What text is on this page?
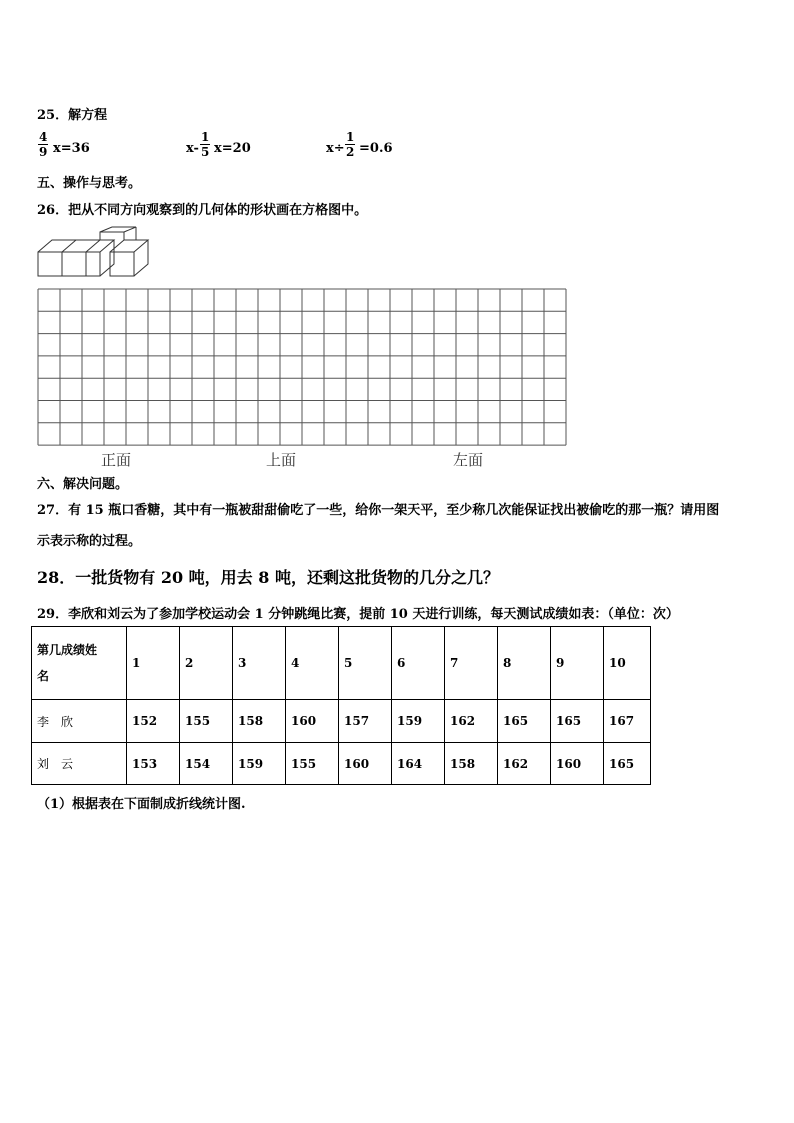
25．解方程
$\frac{4}{9} x=36$	$x- \frac{1}{5} x=20$	$x\div \frac{1}{2} =0.6$
五、操作与思考。
26．把从不同方向观察到的几何体的形状画在方格图中。
正面	上面	左面
六、解决问题。
27．有 15 瓶口香糖，其中有一瓶被甜甜偷吃了一些，给你一架天平，至少称几次能保证找出被偷吃的那一瓶？请用图
示表示称的过程。
28．一批货物有 20 吨，用去 8 吨，还剩这批货物的几分之几？
29．李欣和刘云为了参加学校运动会 1 分钟跳绳比赛，提前 10 天进行训练，每天测试成绩如表：（单位：次）
第几成绩姓
名	1	2	3	4	5	6	7	8	9	10
李　欣	152	155	158	160	157	159	162	165	165	167
刘　云	153	154	159	155	160	164	158	162	160	165
（1）根据表在下面制成折线统计图.
